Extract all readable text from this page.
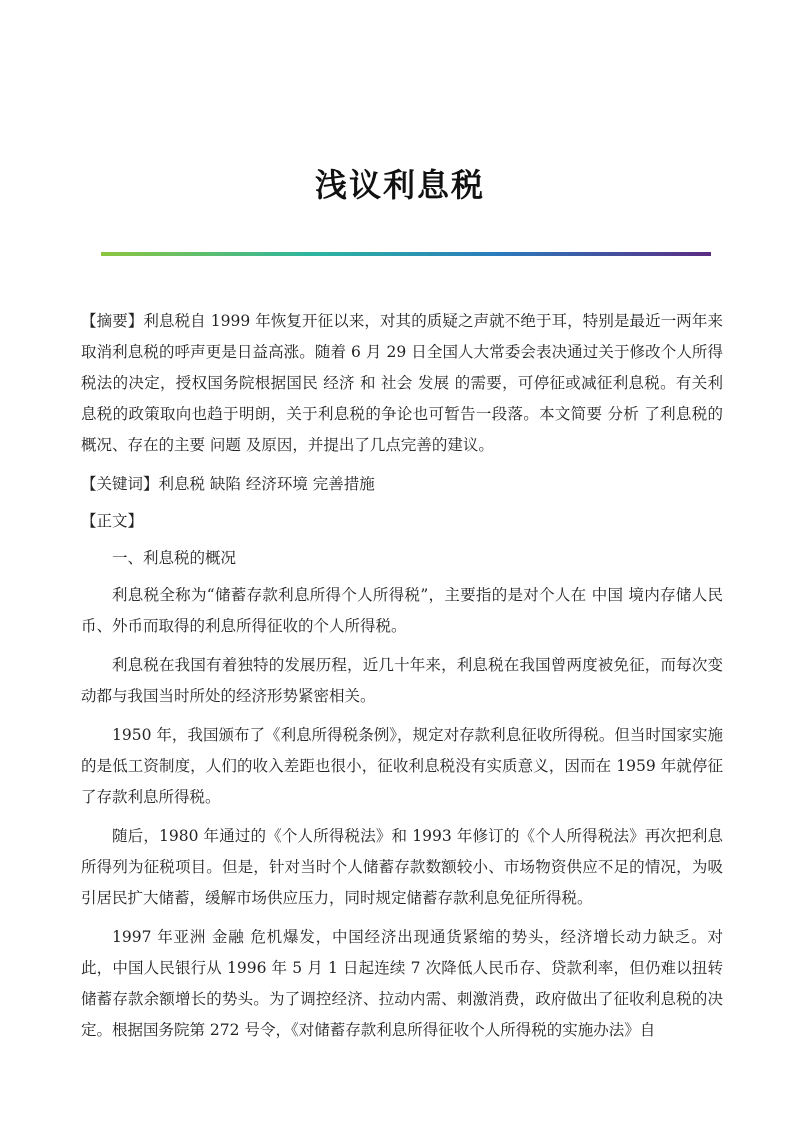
浅议利息税

【摘要】利息税自 1999 年恢复开征以来，对其的质疑之声就不绝于耳，特别是最近一两年来取消利息税的呼声更是日益高涨。随着 6 月 29 日全国人大常委会表决通过关于修改个人所得税法的决定，授权国务院根据国民 经济 和 社会 发展 的需要，可停征或减征利息税。有关利息税的政策取向也趋于明朗，关于利息税的争论也可暂告一段落。本文简要 分析 了利息税的概况、存在的主要 问题 及原因，并提出了几点完善的建议。

【关键词】利息税 缺陷 经济环境 完善措施

【正文】

一、利息税的概况

利息税全称为“储蓄存款利息所得个人所得税”，主要指的是对个人在 中国 境内存储人民币、外币而取得的利息所得征收的个人所得税。

利息税在我国有着独特的发展历程，近几十年来，利息税在我国曾两度被免征，而每次变动都与我国当时所处的经济形势紧密相关。

1950 年，我国颁布了《利息所得税条例》，规定对存款利息征收所得税。但当时国家实施的是低工资制度，人们的收入差距也很小，征收利息税没有实质意义，因而在 1959 年就停征了存款利息所得税。

随后，1980 年通过的《个人所得税法》和 1993 年修订的《个人所得税法》再次把利息所得列为征税项目。但是，针对当时个人储蓄存款数额较小、市场物资供应不足的情况，为吸引居民扩大储蓄，缓解市场供应压力，同时规定储蓄存款利息免征所得税。

1997 年亚洲 金融 危机爆发，中国经济出现通货紧缩的势头，经济增长动力缺乏。对此，中国人民银行从 1996 年 5 月 1 日起连续 7 次降低人民币存、贷款利率，但仍难以扭转储蓄存款余额增长的势头。为了调控经济、拉动内需、刺激消费，政府做出了征收利息税的决定。根据国务院第 272 号令，《对储蓄存款利息所得征收个人所得税的实施办法》自
